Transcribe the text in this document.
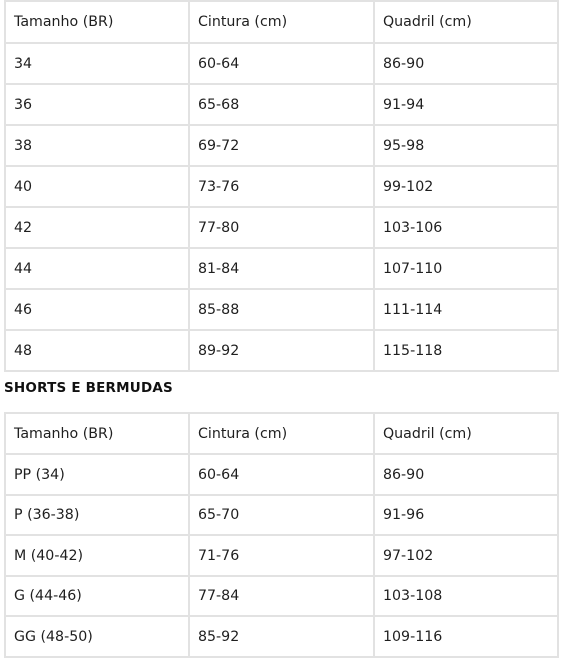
Tamanho (BR)	Cintura (cm)	Quadril (cm)
34	60-64	86-90
36	65-68	91-94
38	69-72	95-98
40	73-76	99-102
42	77-80	103-106
44	81-84	107-110
46	85-88	111-114
48	89-92	115-118
SHORTS E BERMUDAS
Tamanho (BR)	Cintura (cm)	Quadril (cm)
PP (34)	60-64	86-90
P (36-38)	65-70	91-96
M (40-42)	71-76	97-102
G (44-46)	77-84	103-108
GG (48-50)	85-92	109-116
